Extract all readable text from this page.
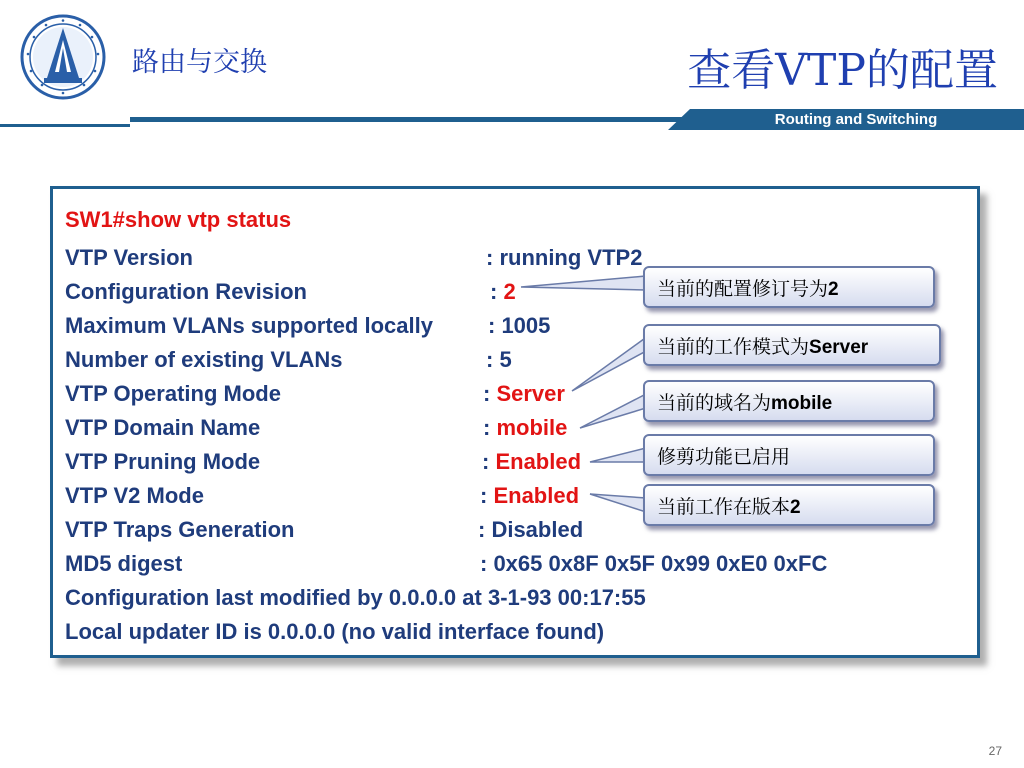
路由与交换	查看VTP的配置
Routing and Switching
SW1#show vtp status
VTP Version	: running VTP2
Configuration Revision	: 2
Maximum VLANs supported locally	: 1005
Number of existing VLANs	: 5
VTP Operating Mode	: Server
VTP Domain Name	: mobile
VTP Pruning Mode	: Enabled
VTP V2 Mode	: Enabled
VTP Traps Generation	: Disabled
MD5 digest	: 0x65 0x8F 0x5F 0x99 0xE0 0xFC
Configuration last modified by 0.0.0.0 at 3-1-93 00:17:55
Local updater ID is 0.0.0.0 (no valid interface found)
当前的配置修订号为2
当前的工作模式为Server
当前的域名为mobile
修剪功能已启用
当前工作在版本2
27
